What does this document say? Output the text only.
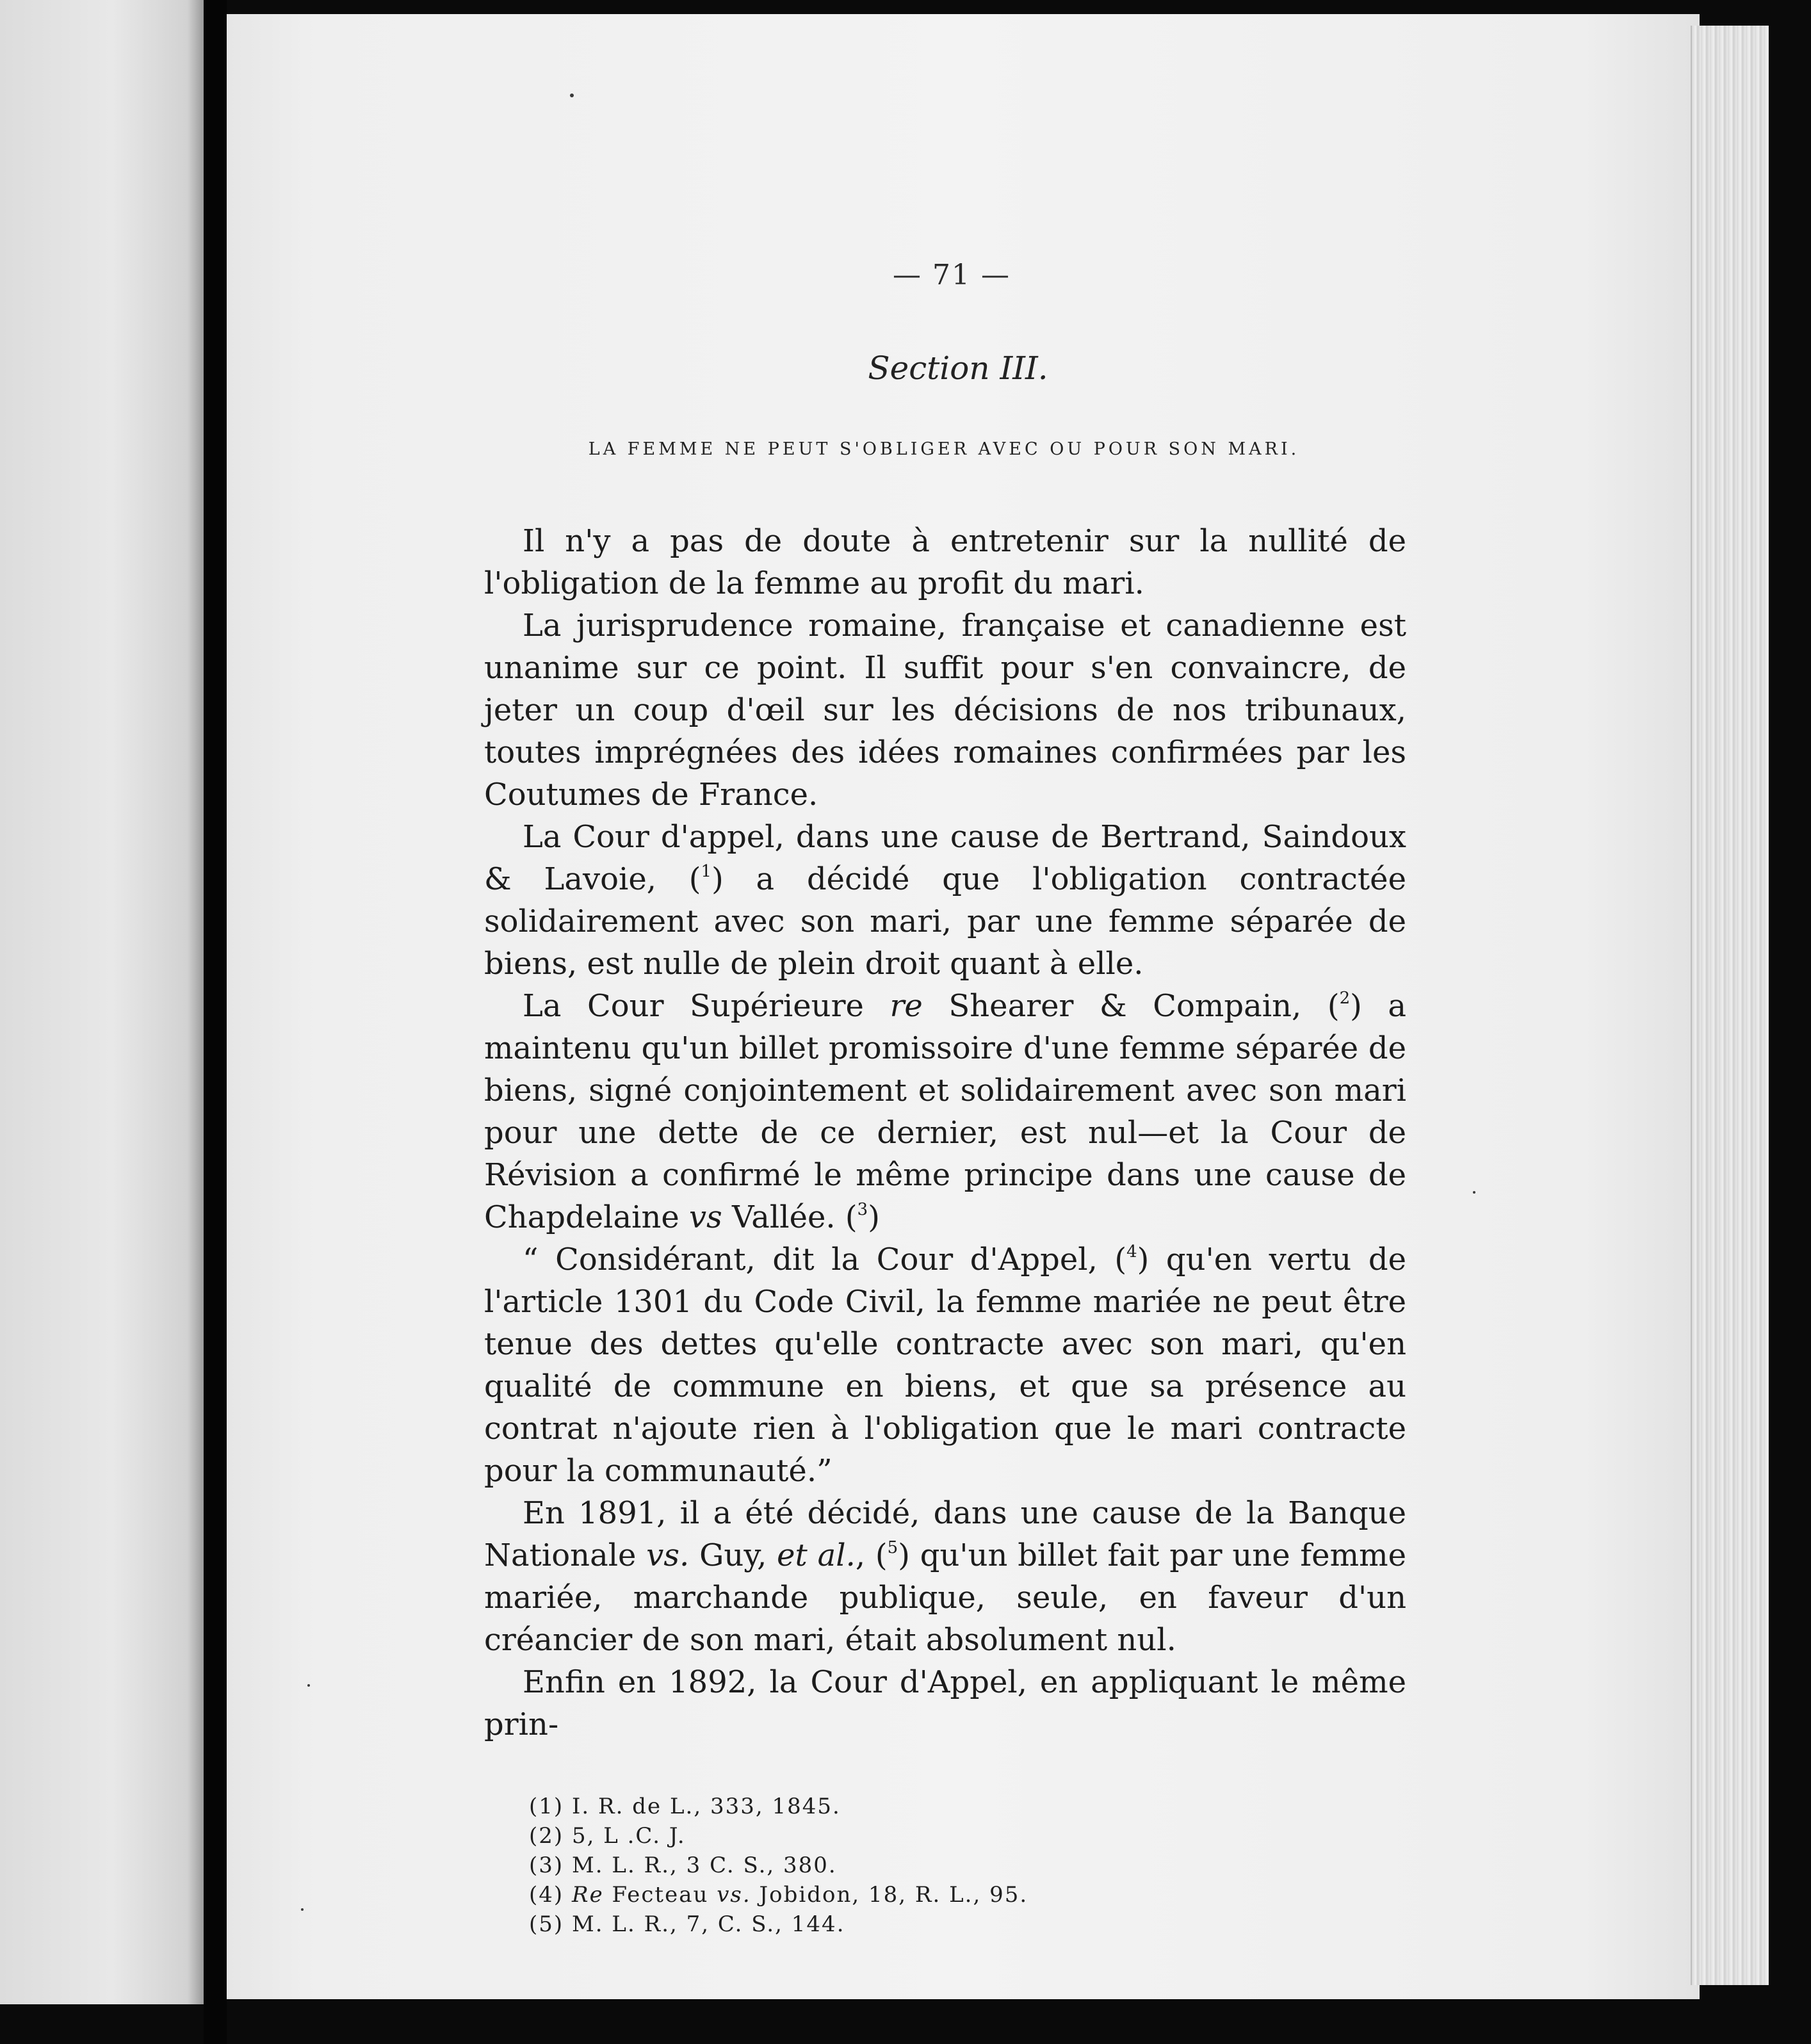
— 71 —
Section III.
LA FEMME NE PEUT S'OBLIGER AVEC OU POUR SON MARI.

Il n'y a pas de doute à entretenir sur la nullité de l'obligation de la femme au profit du mari.

La jurisprudence romaine, française et canadienne est unanime sur ce point. Il suffit pour s'en convaincre, de jeter un coup d'œil sur les décisions de nos tribunaux, toutes imprégnées des idées romaines confirmées par les Coutumes de France.

La Cour d'appel, dans une cause de Bertrand, Saindoux & Lavoie, ($^1$) a décidé que l'obligation contractée solidairement avec son mari, par une femme séparée de biens, est nulle de plein droit quant à elle.

La Cour Supérieure re Shearer & Compain, ($^2$) a maintenu qu'un billet promissoire d'une femme séparée de biens, signé conjointement et solidairement avec son mari pour une dette de ce dernier, est nul—et la Cour de Révision a confirmé le même principe dans une cause de Chapdelaine vs Vallée. ($^3$)

“ Considérant, dit la Cour d'Appel, ($^4$) qu'en vertu de l'article 1301 du Code Civil, la femme mariée ne peut être tenue des dettes qu'elle contracte avec son mari, qu'en qualité de commune en biens, et que sa présence au contrat n'ajoute rien à l'obligation que le mari contracte pour la communauté.”

En 1891, il a été décidé, dans une cause de la Banque Nationale vs. Guy, et al., ($^5$) qu'un billet fait par une femme mariée, marchande publique, seule, en faveur d'un créancier de son mari, était absolument nul.

Enfin en 1892, la Cour d'Appel, en appliquant le même prin-

(1) I. R. de L., 333, 1845.

(2) 5, L .C. J.

(3) M. L. R., 3 C. S., 380.

(4) Re Fecteau vs. Jobidon, 18, R. L., 95.

(5) M. L. R., 7, C. S., 144.
